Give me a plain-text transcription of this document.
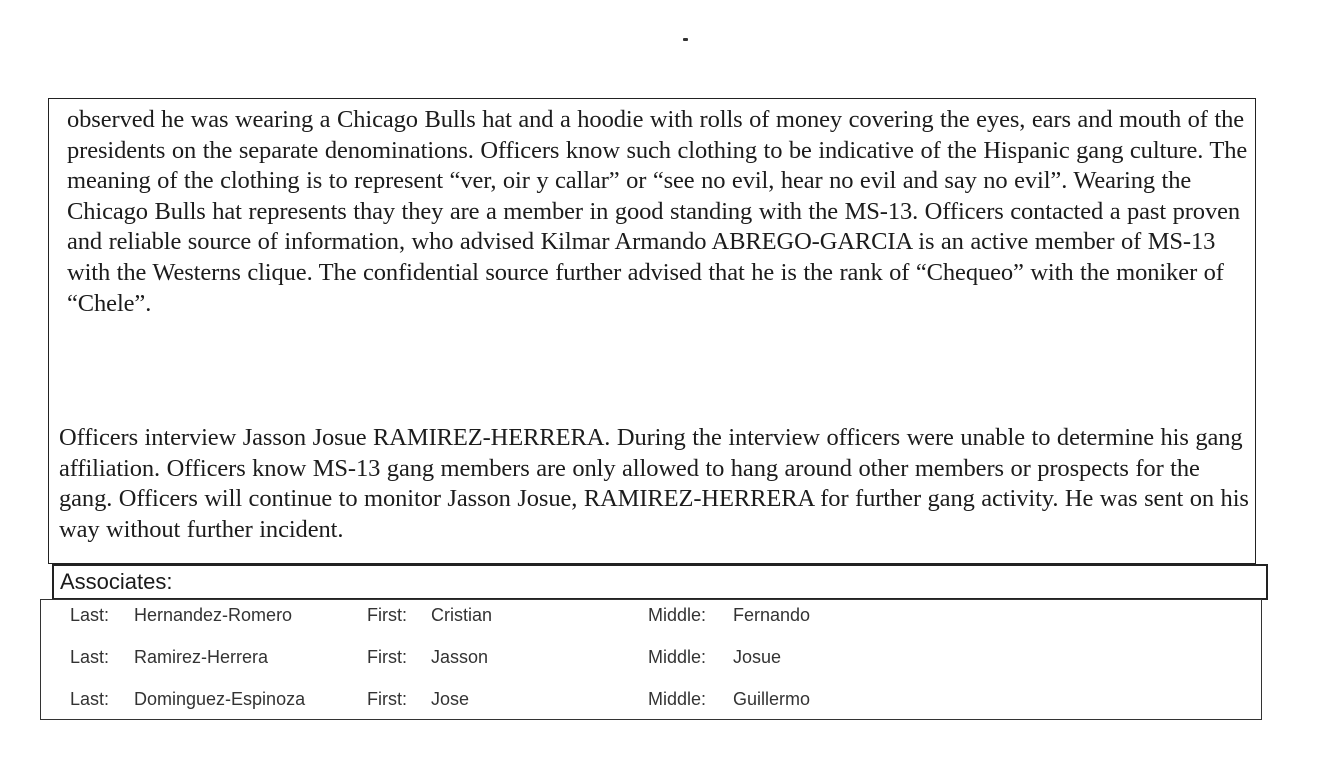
observed he was wearing a Chicago Bulls hat and a hoodie with rolls of money covering the eyes, ears and mouth of the presidents on the separate denominations. Officers know such clothing to be indicative of the Hispanic gang culture. The meaning of the clothing is to represent “ver, oir y callar” or “see no evil, hear no evil and say no evil”. Wearing the Chicago Bulls hat represents thay they are a member in good standing with the MS-13. Officers contacted a past proven and reliable source of information, who advised Kilmar Armando ABREGO-GARCIA is an active member of MS-13 with the Westerns clique. The confidential source further advised that he is the rank of “Chequeo” with the moniker of “Chele”.

Officers interview Jasson Josue RAMIREZ-HERRERA. During the interview officers were unable to determine his gang affiliation. Officers know MS-13 gang members are only allowed to hang around other members or prospects for the gang. Officers will continue to monitor Jasson Josue, RAMIREZ-HERRERA for further gang activity. He was sent on his way without further incident.

Associates:
Last: Hernandez-Romero	First: Cristian	Middle: Fernando
Last: Ramirez-Herrera	First: Jasson	Middle: Josue
Last: Dominguez-Espinoza	First: Jose	Middle: Guillermo
